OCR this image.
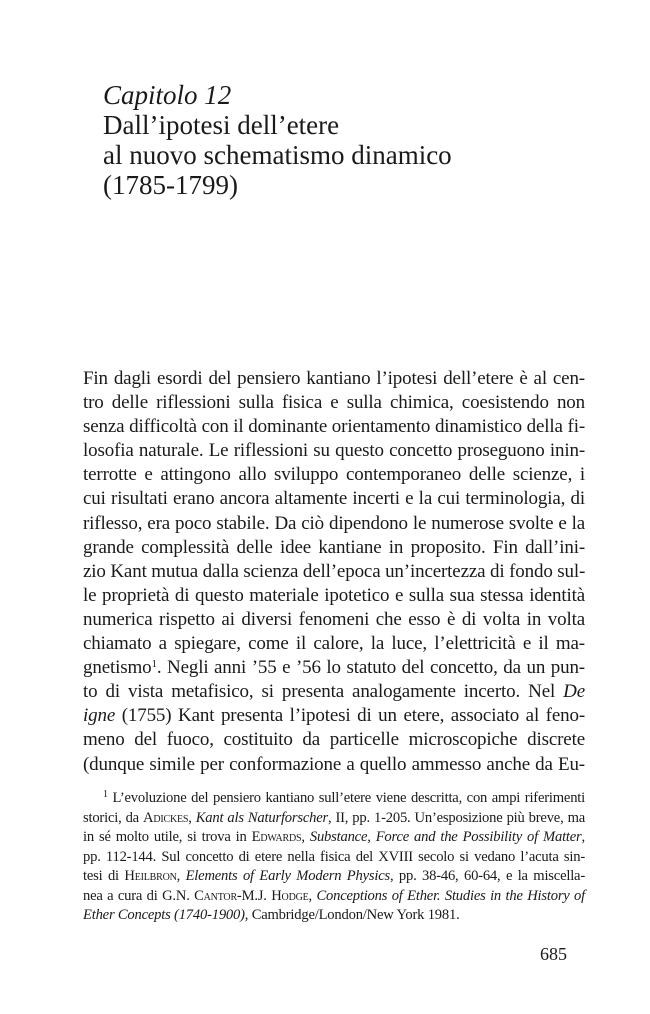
Capitolo 12

Dall’ipotesi dell’etere
al nuovo schematismo dinamico
(1785-1799)
Fin dagli esordi del pensiero kantiano l’ipotesi dell’etere è al cen-
tro delle riflessioni sulla fisica e sulla chimica, coesistendo non
senza difficoltà con il dominante orientamento dinamistico della fi-
losofia naturale. Le riflessioni su questo concetto proseguono inin-
terrotte e attingono allo sviluppo contemporaneo delle scienze, i
cui risultati erano ancora altamente incerti e la cui terminologia, di
riflesso, era poco stabile. Da ciò dipendono le numerose svolte e la
grande complessità delle idee kantiane in proposito. Fin dall’ini-
zio Kant mutua dalla scienza dell’epoca un’incertezza di fondo sul-
le proprietà di questo materiale ipotetico e sulla sua stessa identità
numerica rispetto ai diversi fenomeni che esso è di volta in volta
chiamato a spiegare, come il calore, la luce, l’elettricità e il ma-
gnetismo$^1$. Negli anni ’55 e ’56 lo statuto del concetto, da un pun-
to di vista metafisico, si presenta analogamente incerto. Nel De
igne (1755) Kant presenta l’ipotesi di un etere, associato al feno-
meno del fuoco, costituito da particelle microscopiche discrete
(dunque simile per conformazione a quello ammesso anche da Eu-
$^1$ L’evoluzione del pensiero kantiano sull’etere viene descritta, con ampi riferimenti
storici, da Adickes, Kant als Naturforscher, II, pp. 1-205. Un’esposizione più breve, ma
in sé molto utile, si trova in Edwards, Substance, Force and the Possibility of Matter,
pp. 112-144. Sul concetto di etere nella fisica del XVIII secolo si vedano l’acuta sin-
tesi di Heilbron, Elements of Early Modern Physics, pp. 38-46, 60-64, e la miscella-
nea a cura di G.N. Cantor-M.J. Hodge, Conceptions of Ether. Studies in the History of
Ether Concepts (1740-1900), Cambridge/London/New York 1981.
685
